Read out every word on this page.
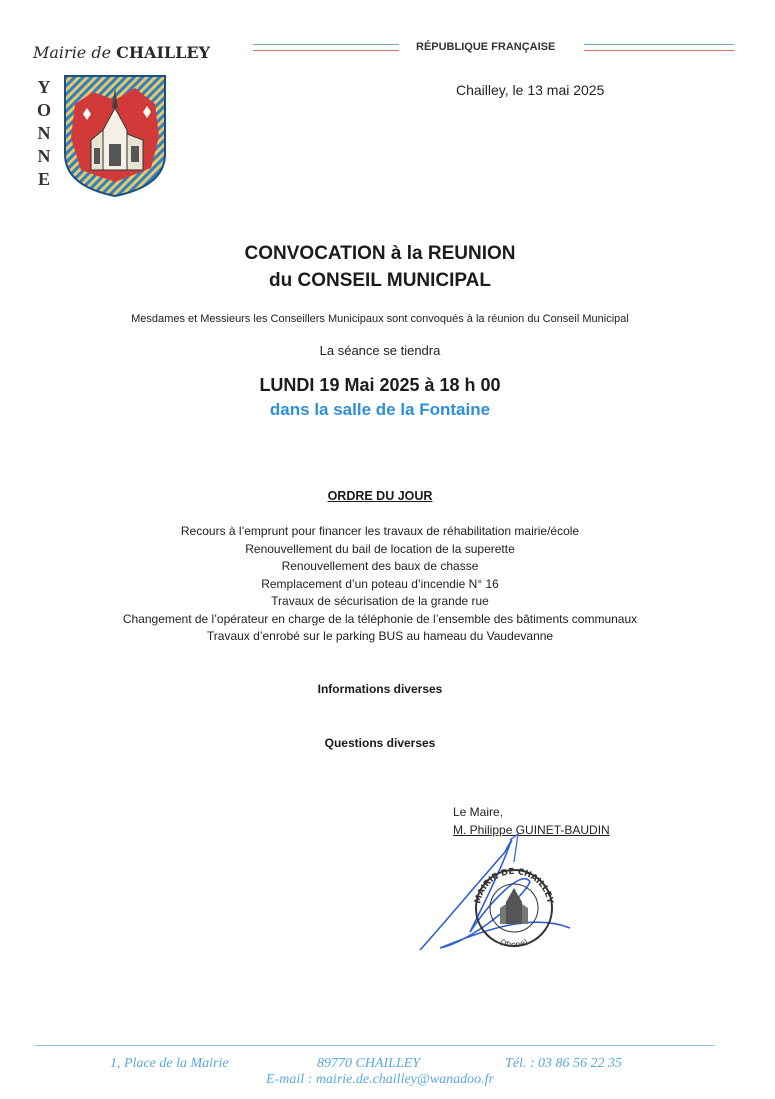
Mairie de CHAILLEY
Y
O
N
N
E
RÉPUBLIQUE FRANÇAISE
Chailley, le 13 mai 2025
CONVOCATION à la REUNION
du CONSEIL MUNICIPAL
Mesdames et Messieurs les Conseillers Municipaux sont convoqués à la réunion du Conseil Municipal
La séance se tiendra
LUNDI 19 Mai 2025 à 18 h 00
dans la salle de la Fontaine
ORDRE DU JOUR
Recours à l’emprunt pour financer les travaux de réhabilitation mairie/école
Renouvellement du bail de location de la superette
Renouvellement des baux de chasse
Remplacement d’un poteau d’incendie N° 16
Travaux de sécurisation de la grande rue
Changement de l’opérateur en charge de la téléphonie de l’ensemble des bâtiments communaux
Travaux d’enrobé sur le parking BUS au hameau du Vaudevanne
Informations diverses
Questions diverses
Le Maire,
M. Philippe GUINET-BAUDIN
MAIRIE DE CHAILLEY
(Yonne)
1, Place de la Mairie	89770 CHAILLEY	Tél. : 03 86 56 22 35
E-mail : mairie.de.chailley@wanadoo.fr
